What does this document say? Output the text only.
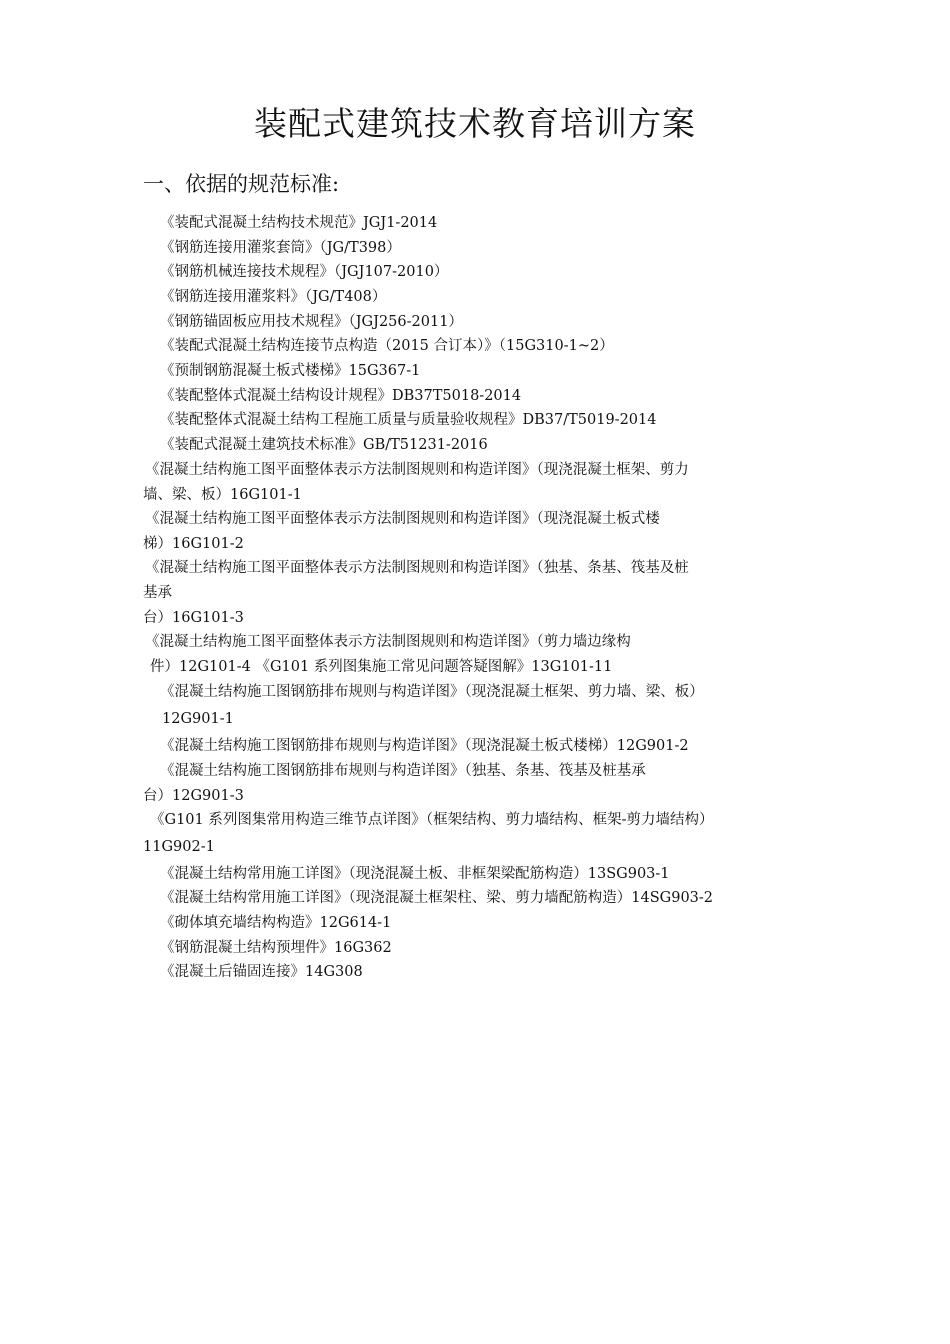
装配式建筑技术教育培训方案
一、依据的规范标准:
《装配式混凝土结构技术规范》JGJ1-2014
《钢筋连接用灌浆套筒》（JG/T398）
《钢筋机械连接技术规程》（JGJ107-2010）
《钢筋连接用灌浆料》（JG/T408）
《钢筋锚固板应用技术规程》（JGJ256-2011）
《装配式混凝土结构连接节点构造（2015 合订本）》（15G310-1~2）
《预制钢筋混凝土板式楼梯》15G367-1
《装配整体式混凝土结构设计规程》DB37T5018-2014
《装配整体式混凝土结构工程施工质量与质量验收规程》DB37/T5019-2014
《装配式混凝土建筑技术标准》GB/T51231-2016
《混凝土结构施工图平面整体表示方法制图规则和构造详图》（现浇混凝土框架、剪力
墙、梁、板）16G101-1
《混凝土结构施工图平面整体表示方法制图规则和构造详图》（现浇混凝土板式楼
梯）16G101-2
《混凝土结构施工图平面整体表示方法制图规则和构造详图》（独基、条基、筏基及桩
基承
台）16G101-3
《混凝土结构施工图平面整体表示方法制图规则和构造详图》（剪力墙边缘构
件）12G101-4 《G101 系列图集施工常见问题答疑图解》13G101-11
《混凝土结构施工图钢筋排布规则与构造详图》（现浇混凝土框架、剪力墙、梁、板）
12G901-1
《混凝土结构施工图钢筋排布规则与构造详图》（现浇混凝土板式楼梯）12G901-2
《混凝土结构施工图钢筋排布规则与构造详图》（独基、条基、筏基及桩基承
台）12G901-3
《G101 系列图集常用构造三维节点详图》（框架结构、剪力墙结构、框架-剪力墙结构）
11G902-1
《混凝土结构常用施工详图》（现浇混凝土板、非框架梁配筋构造）13SG903-1
《混凝土结构常用施工详图》（现浇混凝土框架柱、梁、剪力墙配筋构造）14SG903-2
《砌体填充墙结构构造》12G614-1
《钢筋混凝土结构预埋件》16G362
《混凝土后锚固连接》14G308
